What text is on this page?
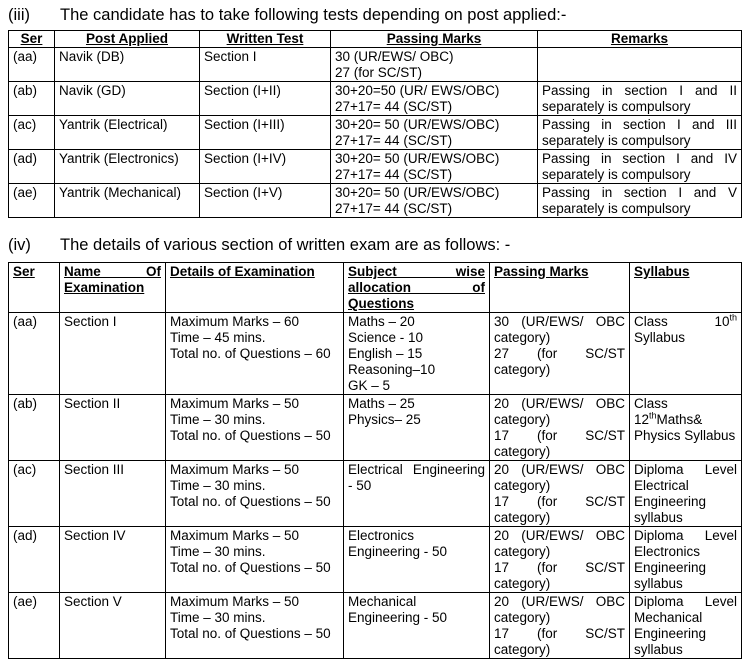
(iii) The candidate has to take following tests depending on post applied:-
Ser	Post Applied	Written Test	Passing Marks	Remarks
(aa)	Navik (DB)	Section I	30 (UR/EWS/ OBC)
27 (for SC/ST)	
(ab)	Navik (GD)	Section (I+II)	30+20=50 (UR/ EWS/OBC)
27+17= 44 (SC/ST)	Passing in section I and II separately is compulsory
(ac)	Yantrik (Electrical)	Section (I+III)	30+20= 50 (UR/EWS/OBC)
27+17= 44 (SC/ST)	Passing in section I and III separately is compulsory
(ad)	Yantrik (Electronics)	Section (I+IV)	30+20= 50 (UR/EWS/OBC)
27+17= 44 (SC/ST)	Passing in section I and IV separately is compulsory
(ae)	Yantrik (Mechanical)	Section (I+V)	30+20= 50 (UR/EWS/OBC)
27+17= 44 (SC/ST)	Passing in section I and V separately is compulsory
(iv) The details of various section of written exam are as follows: -
Ser	Name Of Examination	Details of Examination	Subject wise allocation of Questions	Passing Marks	Syllabus
(aa)	Section I	Maximum Marks – 60
Time – 45 mins.
Total no. of Questions – 60	Maths – 20
Science - 10
English – 15
Reasoning–10
GK – 5	30 (UR/EWS/ OBC category)
27 (for SC/ST category)	Class 10th Syllabus
(ab)	Section II	Maximum Marks – 50
Time – 30 mins.
Total no. of Questions – 50	Maths – 25
Physics– 25	20 (UR/EWS/ OBC category)
17 (for SC/ST category)	Class 12thMaths& Physics Syllabus
(ac)	Section III	Maximum Marks – 50
Time – 30 mins.
Total no. of Questions – 50	Electrical Engineering - 50	20 (UR/EWS/ OBC category)
17 (for SC/ST category)	Diploma Level Electrical Engineering syllabus
(ad)	Section IV	Maximum Marks – 50
Time – 30 mins.
Total no. of Questions – 50	Electronics Engineering - 50	20 (UR/EWS/ OBC category)
17 (for SC/ST category)	Diploma Level Electronics Engineering syllabus
(ae)	Section V	Maximum Marks – 50
Time – 30 mins.
Total no. of Questions – 50	Mechanical Engineering - 50	20 (UR/EWS/ OBC category)
17 (for SC/ST category)	Diploma Level Mechanical Engineering syllabus
